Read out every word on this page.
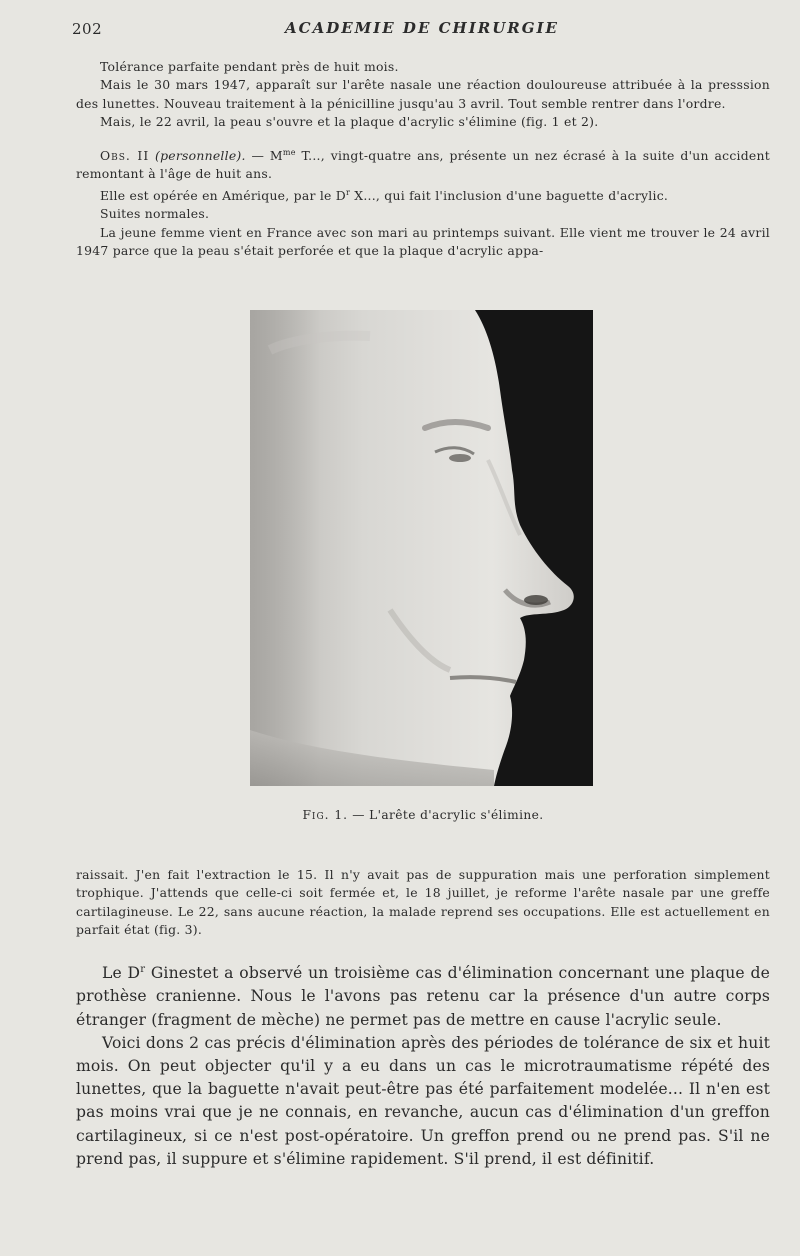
202	ACADEMIE DE CHIRURGIE

Tolérance parfaite pendant près de huit mois.

Mais le 30 mars 1947, apparaît sur l'arête nasale une réaction douloureuse attribuée à la presssion des lunettes. Nouveau traitement à la pénicilline jusqu'au 3 avril. Tout semble rentrer dans l'ordre.

Mais, le 22 avril, la peau s'ouvre et la plaque d'acrylic s'élimine (fig. 1 et 2).

Obs. II (personnelle). — $M^{me}$ T..., vingt-quatre ans, présente un nez écrasé à la suite d'un accident remontant à l'âge de huit ans.

Elle est opérée en Amérique, par le $D^r$ X..., qui fait l'inclusion d'une baguette d'acrylic.

Suites normales.

La jeune femme vient en France avec son mari au printemps suivant. Elle vient me trouver le 24 avril 1947 parce que la peau s'était perforée et que la plaque d'acrylic appa-

Fig. 1. — L'arête d'acrylic s'élimine.

raissait. J'en fait l'extraction le 15. Il n'y avait pas de suppuration mais une perforation simplement trophique. J'attends que celle-ci soit fermée et, le 18 juillet, je reforme l'arête nasale par une greffe cartilagineuse. Le 22, sans aucune réaction, la malade reprend ses occupations. Elle est actuellement en parfait état (fig. 3).

Le $D^r$ Ginestet a observé un troisième cas d'élimination concernant une plaque de prothèse cranienne. Nous le l'avons pas retenu car la présence d'un autre corps étranger (fragment de mèche) ne permet pas de mettre en cause l'acrylic seule.

Voici dons 2 cas précis d'élimination après des périodes de tolérance de six et huit mois. On peut objecter qu'il y a eu dans un cas le microtraumatisme répété des lunettes, que la baguette n'avait peut-être pas été parfaitement modelée... Il n'en est pas moins vrai que je ne connais, en revanche, aucun cas d'élimination d'un greffon cartilagineux, si ce n'est post-opératoire. Un greffon prend ou ne prend pas. S'il ne prend pas, il suppure et s'élimine rapidement. S'il prend, il est définitif.
